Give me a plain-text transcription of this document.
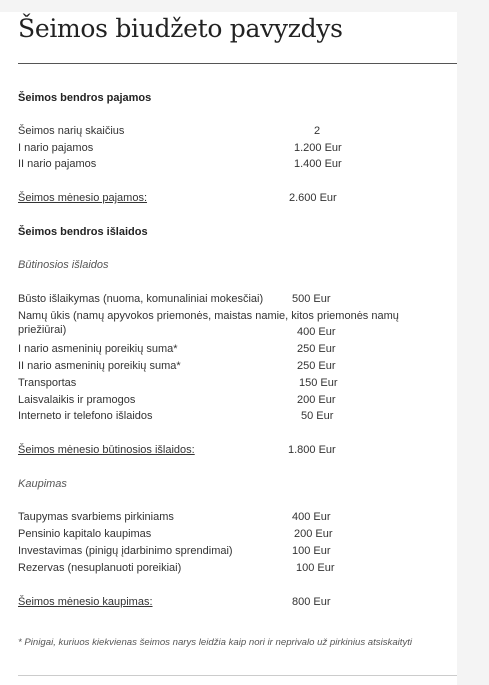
Šeimos biudžeto pavyzdys
Šeimos bendros pajamos
Šeimos narių skaičius	2
I nario pajamos	1.200 Eur
II nario pajamos	1.400 Eur
Šeimos mėnesio pajamos:	2.600 Eur
Šeimos bendros išlaidos
Būtinosios išlaidos
Būsto išlaikymas (nuoma, komunaliniai mokesčiai)	500 Eur
Namų ūkis (namų apyvokos priemonės, maistas namie, kitos priemonės namų priežiūrai)	400 Eur
I nario asmeninių poreikių suma*	250 Eur
II nario asmeninių poreikių suma*	250 Eur
Transportas	150 Eur
Laisvalaikis ir pramogos	200 Eur
Interneto ir telefono išlaidos	50 Eur
Šeimos mėnesio būtinosios išlaidos:	1.800 Eur
Kaupimas
Taupymas svarbiems pirkiniams	400 Eur
Pensinio kapitalo kaupimas	200 Eur
Investavimas (pinigų įdarbinimo sprendimai)	100 Eur
Rezervas (nesuplanuoti poreikiai)	100 Eur
Šeimos mėnesio kaupimas:	800 Eur
* Pinigai, kuriuos kiekvienas šeimos narys leidžia kaip nori ir neprivalo už pirkinius atsiskaityti
